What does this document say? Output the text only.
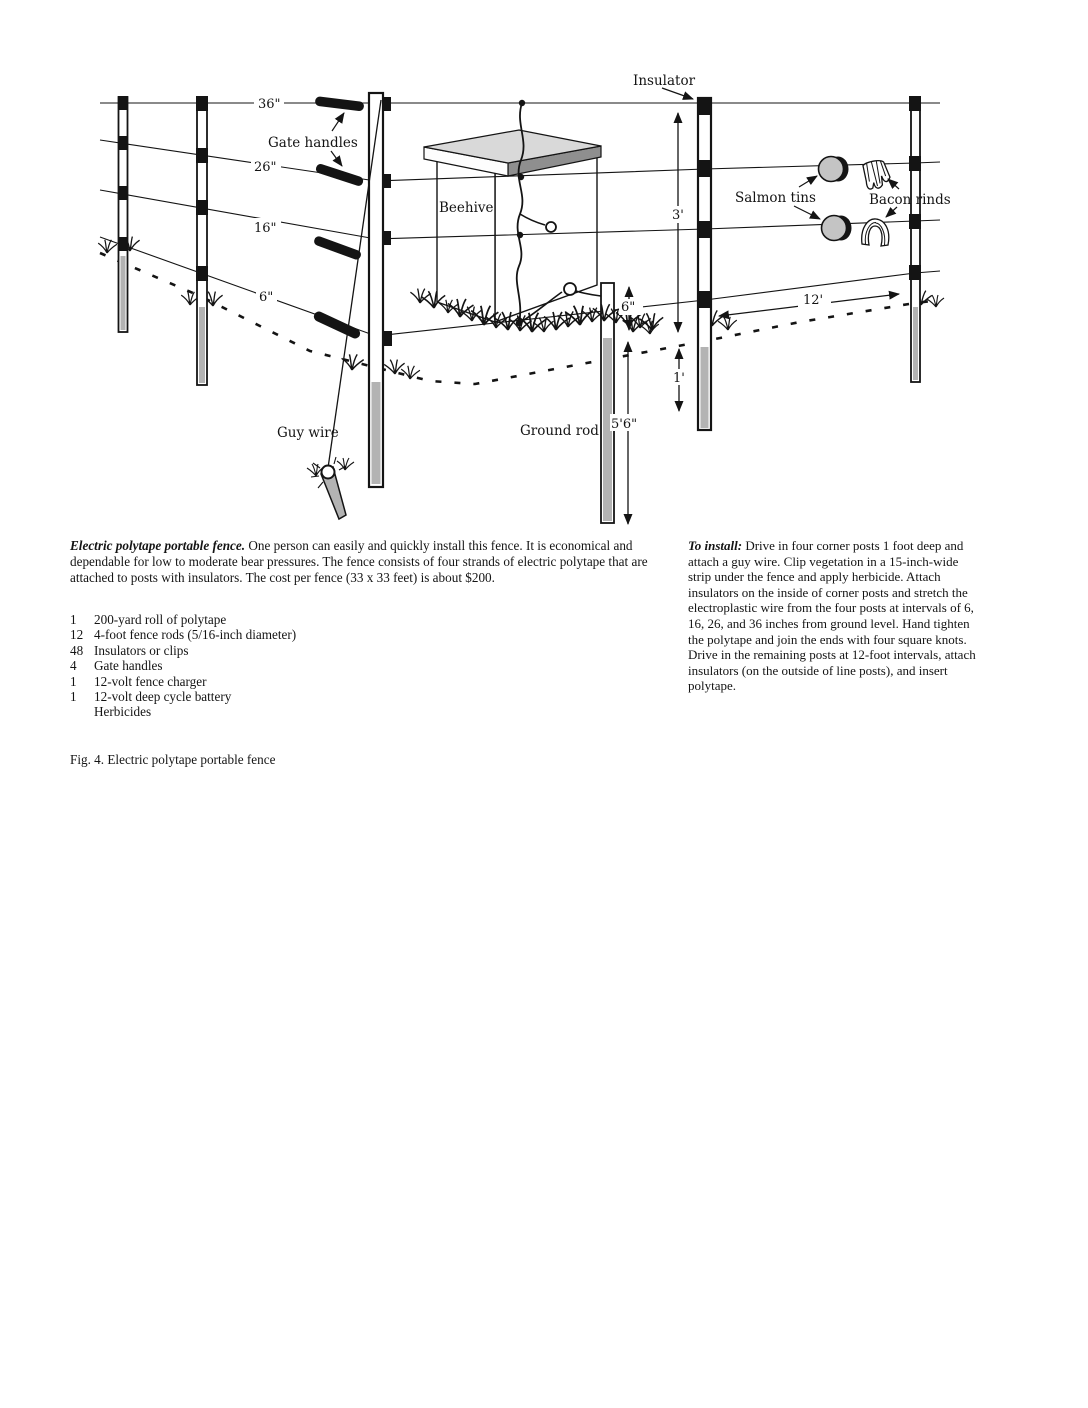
36"
26"
16"
6"
Gate handles
Insulator
Beehive
Salmon tins	Bacon rinds
Guy wire	Ground rod
3'
6"
5'6"
1'
12'
Electric polytape portable fence. One person can easily and quickly install this fence. It is economical and dependable for low to moderate bear pressures. The fence consists of four strands of electric polytape that are attached to posts with insulators. The cost per fence (33 x 33 feet) is about $200.
1	200-yard roll of polytape
12 4-foot fence rods (5/16-inch diameter)
48 Insulators or clips
4	Gate handles
1	12-volt fence charger
1	12-volt deep cycle battery
Herbicides
To install: Drive in four corner posts 1 foot deep and attach a guy wire. Clip vegetation in a 15-inch-wide strip under the fence and apply herbicide. Attach insulators on the inside of corner posts and stretch the electroplastic wire from the four posts at intervals of 6, 16, 26, and 36 inches from ground level. Hand tighten the polytape and join the ends with four square knots. Drive in the remaining posts at 12-foot intervals, attach insulators (on the outside of line posts), and insert polytape.
Fig. 4. Electric polytape portable fence
